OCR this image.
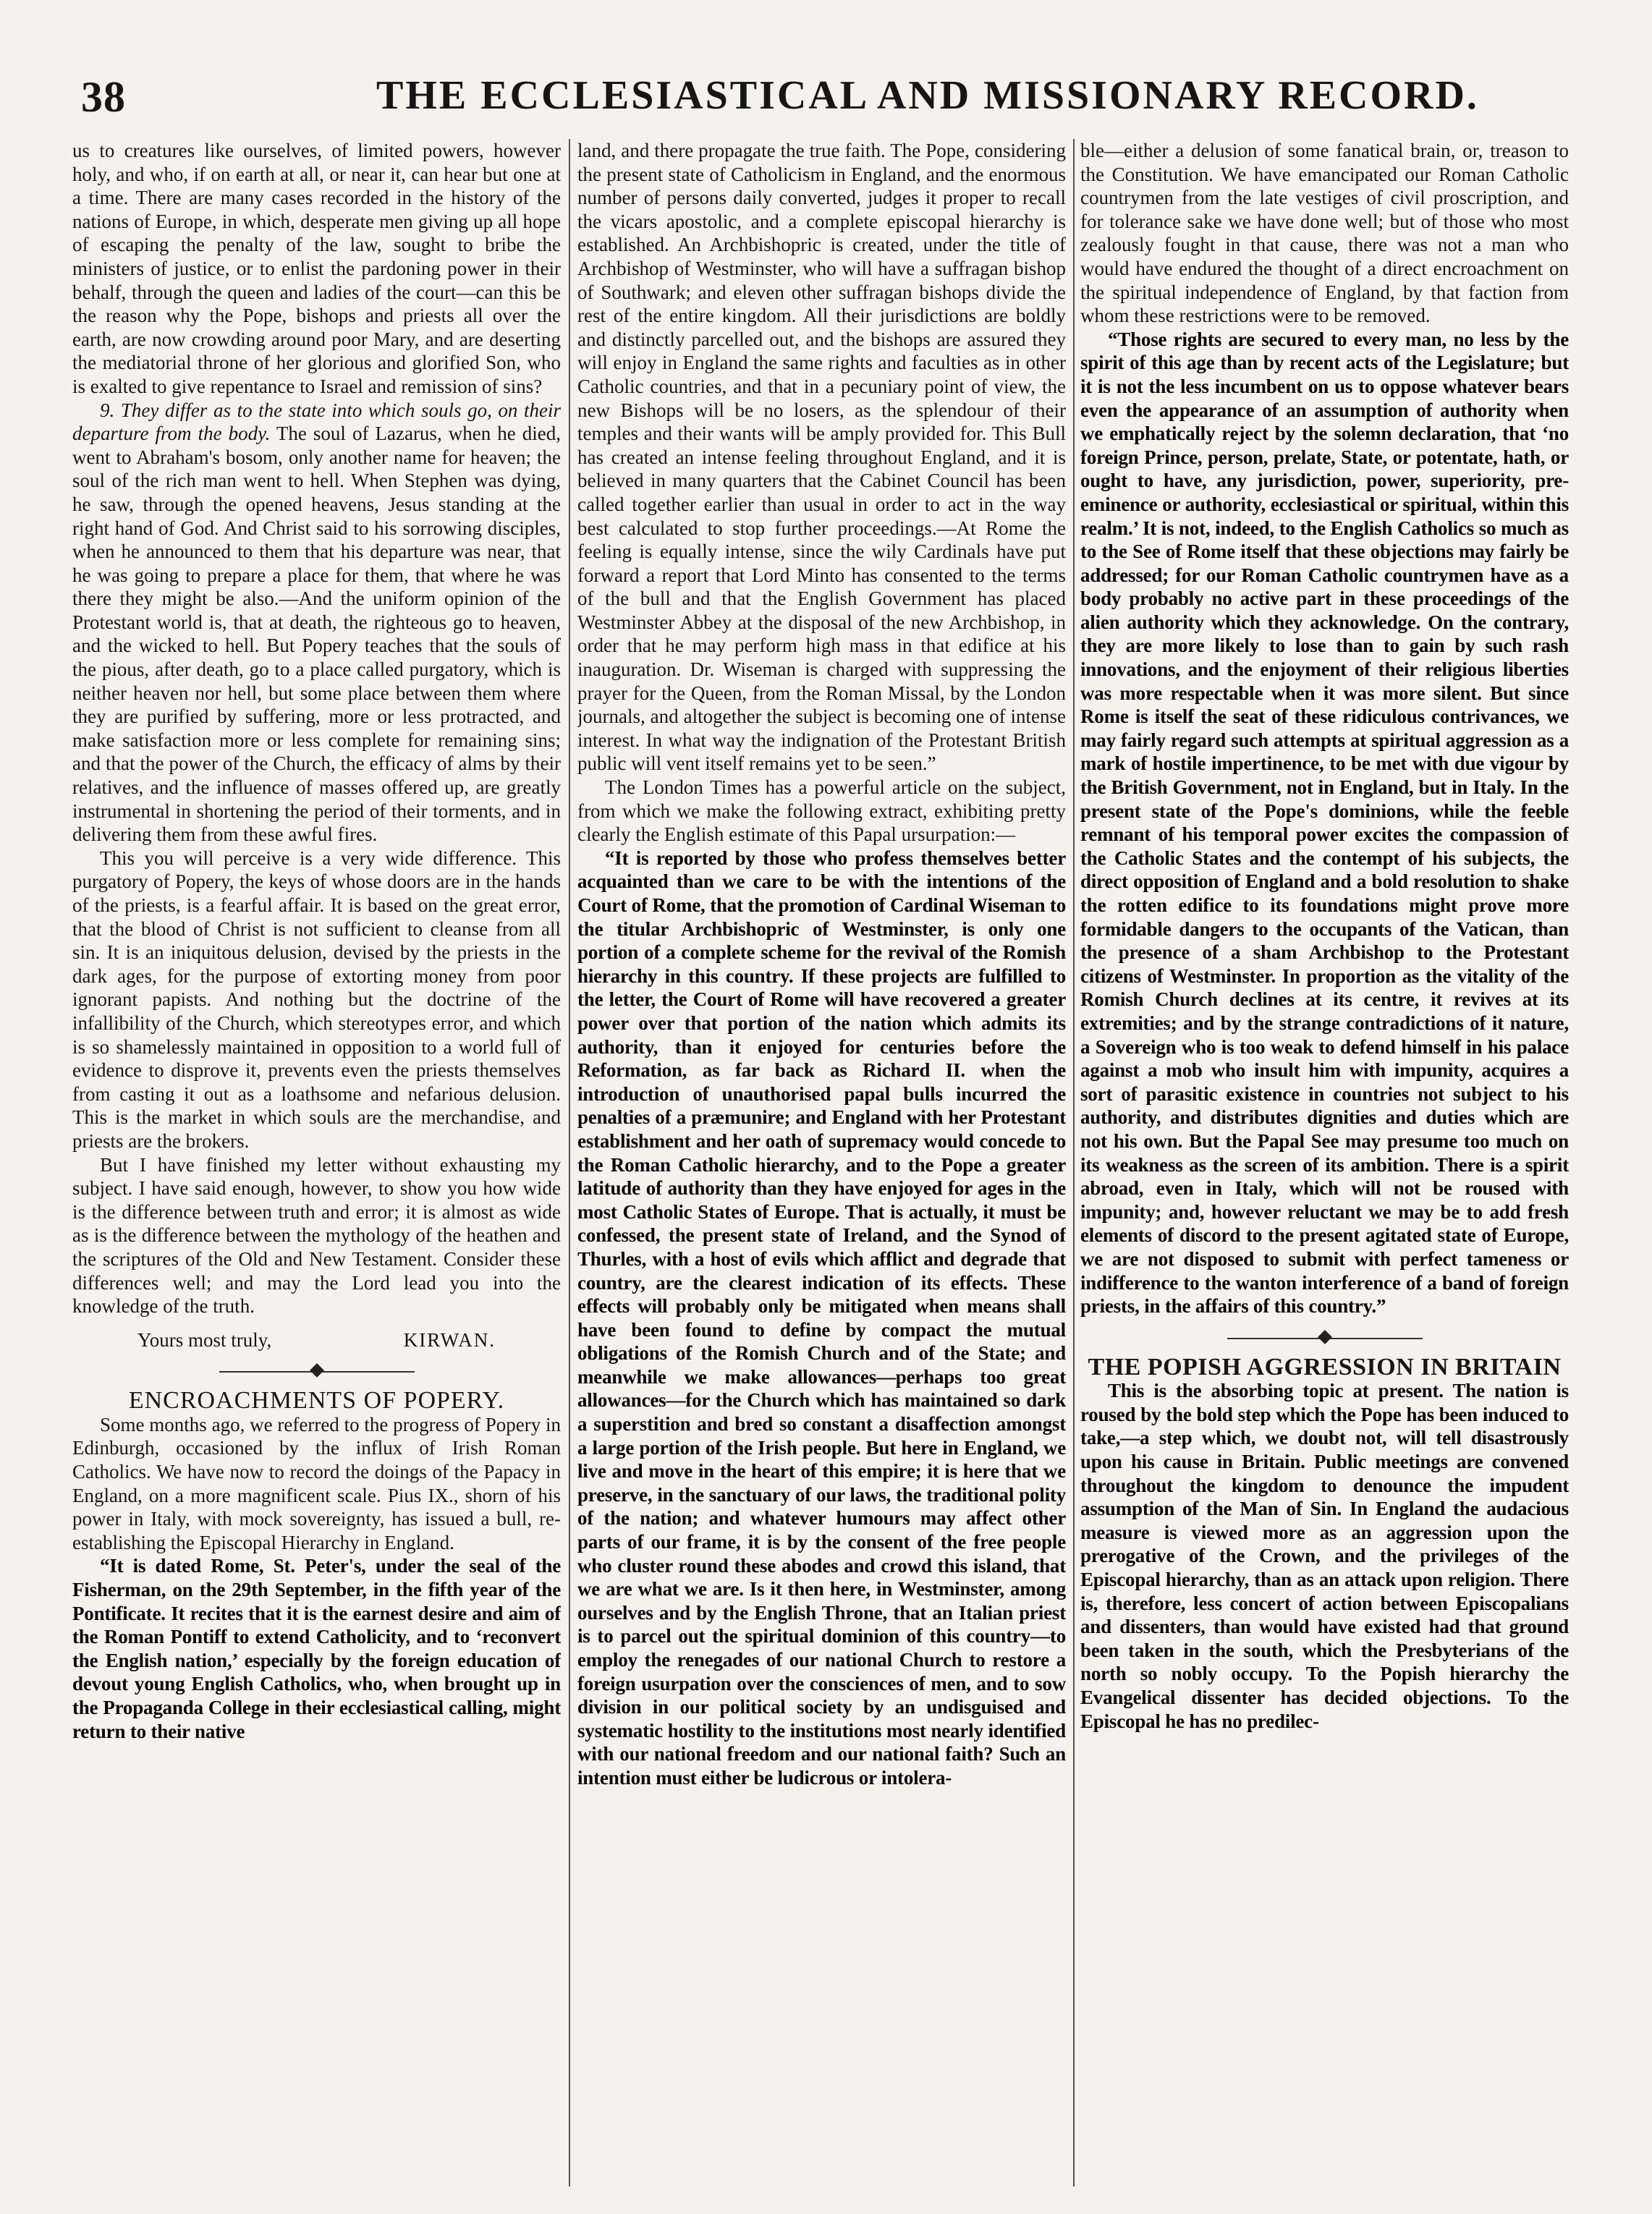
38	THE ECCLESIASTICAL AND MISSIONARY RECORD.

us to creatures like ourselves, of limited powers, however holy, and who, if on earth at all, or near it, can hear but one at a time. There are many cases recorded in the history of the nations of Europe, in which, desperate men giving up all hope of escaping the penalty of the law, sought to bribe the ministers of justice, or to enlist the pardoning power in their behalf, through the queen and ladies of the court—can this be the reason why the Pope, bishops and priests all over the earth, are now crowding around poor Mary, and are deserting the mediatorial throne of her glorious and glorified Son, who is exalted to give repentance to Israel and remission of sins?

9. They differ as to the state into which souls go, on their departure from the body. The soul of Lazarus, when he died, went to Abraham's bosom, only another name for heaven; the soul of the rich man went to hell. When Stephen was dying, he saw, through the opened heavens, Jesus standing at the right hand of God. And Christ said to his sorrowing disciples, when he announced to them that his departure was near, that he was going to prepare a place for them, that where he was there they might be also.—And the uniform opinion of the Protestant world is, that at death, the righteous go to heaven, and the wicked to hell. But Popery teaches that the souls of the pious, after death, go to a place called purgatory, which is neither heaven nor hell, but some place between them where they are purified by suffering, more or less protracted, and make satisfaction more or less complete for remaining sins; and that the power of the Church, the efficacy of alms by their relatives, and the influence of masses offered up, are greatly instrumental in shortening the period of their torments, and in delivering them from these awful fires.

This you will perceive is a very wide difference. This purgatory of Popery, the keys of whose doors are in the hands of the priests, is a fearful affair. It is based on the great error, that the blood of Christ is not sufficient to cleanse from all sin. It is an iniquitous delusion, devised by the priests in the dark ages, for the purpose of extorting money from poor ignorant papists. And nothing but the doctrine of the infallibility of the Church, which stereotypes error, and which is so shamelessly maintained in opposition to a world full of evidence to disprove it, prevents even the priests themselves from casting it out as a loathsome and nefarious delusion. This is the market in which souls are the merchandise, and priests are the brokers.

But I have finished my letter without exhausting my subject. I have said enough, however, to show you how wide is the difference between truth and error; it is almost as wide as is the difference between the mythology of the heathen and the scriptures of the Old and New Testament. Consider these differences well; and may the Lord lead you into the knowledge of the truth.

Yours most truly,	KIRWAN.

ENCROACHMENTS OF POPERY.

Some months ago, we referred to the progress of Popery in Edinburgh, occasioned by the influx of Irish Roman Catholics. We have now to record the doings of the Papacy in England, on a more magnificent scale. Pius IX., shorn of his power in Italy, with mock sovereignty, has issued a bull, re-establishing the Episcopal Hierarchy in England.

“It is dated Rome, St. Peter's, under the seal of the Fisherman, on the 29th September, in the fifth year of the Pontificate. It recites that it is the earnest desire and aim of the Roman Pontiff to extend Catholicity, and to ‘reconvert the English nation,’ especially by the foreign education of devout young English Catholics, who, when brought up in the Propaganda College in their ecclesiastical calling, might return to their native

land, and there propagate the true faith. The Pope, considering the present state of Catholicism in England, and the enormous number of persons daily converted, judges it proper to recall the vicars apostolic, and a complete episcopal hierarchy is established. An Archbishopric is created, under the title of Archbishop of Westminster, who will have a suffragan bishop of Southwark; and eleven other suffragan bishops divide the rest of the entire kingdom. All their jurisdictions are boldly and distinctly parcelled out, and the bishops are assured they will enjoy in England the same rights and faculties as in other Catholic countries, and that in a pecuniary point of view, the new Bishops will be no losers, as the splendour of their temples and their wants will be amply provided for. This Bull has created an intense feeling throughout England, and it is believed in many quarters that the Cabinet Council has been called together earlier than usual in order to act in the way best calculated to stop further proceedings.—At Rome the feeling is equally intense, since the wily Cardinals have put forward a report that Lord Minto has consented to the terms of the bull and that the English Government has placed Westminster Abbey at the disposal of the new Archbishop, in order that he may perform high mass in that edifice at his inauguration. Dr. Wiseman is charged with suppressing the prayer for the Queen, from the Roman Missal, by the London journals, and altogether the subject is becoming one of intense interest. In what way the indignation of the Protestant British public will vent itself remains yet to be seen.”

The London Times has a powerful article on the subject, from which we make the following extract, exhibiting pretty clearly the English estimate of this Papal ursurpation:—

“It is reported by those who profess themselves better acquainted than we care to be with the intentions of the Court of Rome, that the promotion of Cardinal Wiseman to the titular Archbishopric of Westminster, is only one portion of a complete scheme for the revival of the Romish hierarchy in this country. If these projects are fulfilled to the letter, the Court of Rome will have recovered a greater power over that portion of the nation which admits its authority, than it enjoyed for centuries before the Reformation, as far back as Richard II. when the introduction of unauthorised papal bulls incurred the penalties of a præmunire; and England with her Protestant establishment and her oath of supremacy would concede to the Roman Catholic hierarchy, and to the Pope a greater latitude of authority than they have enjoyed for ages in the most Catholic States of Europe. That is actually, it must be confessed, the present state of Ireland, and the Synod of Thurles, with a host of evils which afflict and degrade that country, are the clearest indication of its effects. These effects will probably only be mitigated when means shall have been found to define by compact the mutual obligations of the Romish Church and of the State; and meanwhile we make allowances—perhaps too great allowances—for the Church which has maintained so dark a superstition and bred so constant a disaffection amongst a large portion of the Irish people. But here in England, we live and move in the heart of this empire; it is here that we preserve, in the sanctuary of our laws, the traditional polity of the nation; and whatever humours may affect other parts of our frame, it is by the consent of the free people who cluster round these abodes and crowd this island, that we are what we are. Is it then here, in Westminster, among ourselves and by the English Throne, that an Italian priest is to parcel out the spiritual dominion of this country—to employ the renegades of our national Church to restore a foreign usurpation over the consciences of men, and to sow division in our political society by an undisguised and systematic hostility to the institutions most nearly identified with our national freedom and our national faith? Such an intention must either be ludicrous or intolera-

ble—either a delusion of some fanatical brain, or, treason to the Constitution. We have emancipated our Roman Catholic countrymen from the late vestiges of civil proscription, and for tolerance sake we have done well; but of those who most zealously fought in that cause, there was not a man who would have endured the thought of a direct encroachment on the spiritual independence of England, by that faction from whom these restrictions were to be removed.

“Those rights are secured to every man, no less by the spirit of this age than by recent acts of the Legislature; but it is not the less incumbent on us to oppose whatever bears even the appearance of an assumption of authority when we emphatically reject by the solemn declaration, that ‘no foreign Prince, person, prelate, State, or potentate, hath, or ought to have, any jurisdiction, power, superiority, pre-eminence or authority, ecclesiastical or spiritual, within this realm.’ It is not, indeed, to the English Catholics so much as to the See of Rome itself that these objections may fairly be addressed; for our Roman Catholic countrymen have as a body probably no active part in these proceedings of the alien authority which they acknowledge. On the contrary, they are more likely to lose than to gain by such rash innovations, and the enjoyment of their religious liberties was more respectable when it was more silent. But since Rome is itself the seat of these ridiculous contrivances, we may fairly regard such attempts at spiritual aggression as a mark of hostile impertinence, to be met with due vigour by the British Government, not in England, but in Italy. In the present state of the Pope's dominions, while the feeble remnant of his temporal power excites the compassion of the Catholic States and the contempt of his subjects, the direct opposition of England and a bold resolution to shake the rotten edifice to its foundations might prove more formidable dangers to the occupants of the Vatican, than the presence of a sham Archbishop to the Protestant citizens of Westminster. In proportion as the vitality of the Romish Church declines at its centre, it revives at its extremities; and by the strange contradictions of it nature, a Sovereign who is too weak to defend himself in his palace against a mob who insult him with impunity, acquires a sort of parasitic existence in countries not subject to his authority, and distributes dignities and duties which are not his own. But the Papal See may presume too much on its weakness as the screen of its ambition. There is a spirit abroad, even in Italy, which will not be roused with impunity; and, however reluctant we may be to add fresh elements of discord to the present agitated state of Europe, we are not disposed to submit with perfect tameness or indifference to the wanton interference of a band of foreign priests, in the affairs of this country.”

THE POPISH AGGRESSION IN BRITAIN

This is the absorbing topic at present. The nation is roused by the bold step which the Pope has been induced to take,—a step which, we doubt not, will tell disastrously upon his cause in Britain. Public meetings are convened throughout the kingdom to denounce the impudent assumption of the Man of Sin. In England the audacious measure is viewed more as an aggression upon the prerogative of the Crown, and the privileges of the Episcopal hierarchy, than as an attack upon religion. There is, therefore, less concert of action between Episcopalians and dissenters, than would have existed had that ground been taken in the south, which the Presbyterians of the north so nobly occupy. To the Popish hierarchy the Evangelical dissenter has decided objections. To the Episcopal he has no predilec-
